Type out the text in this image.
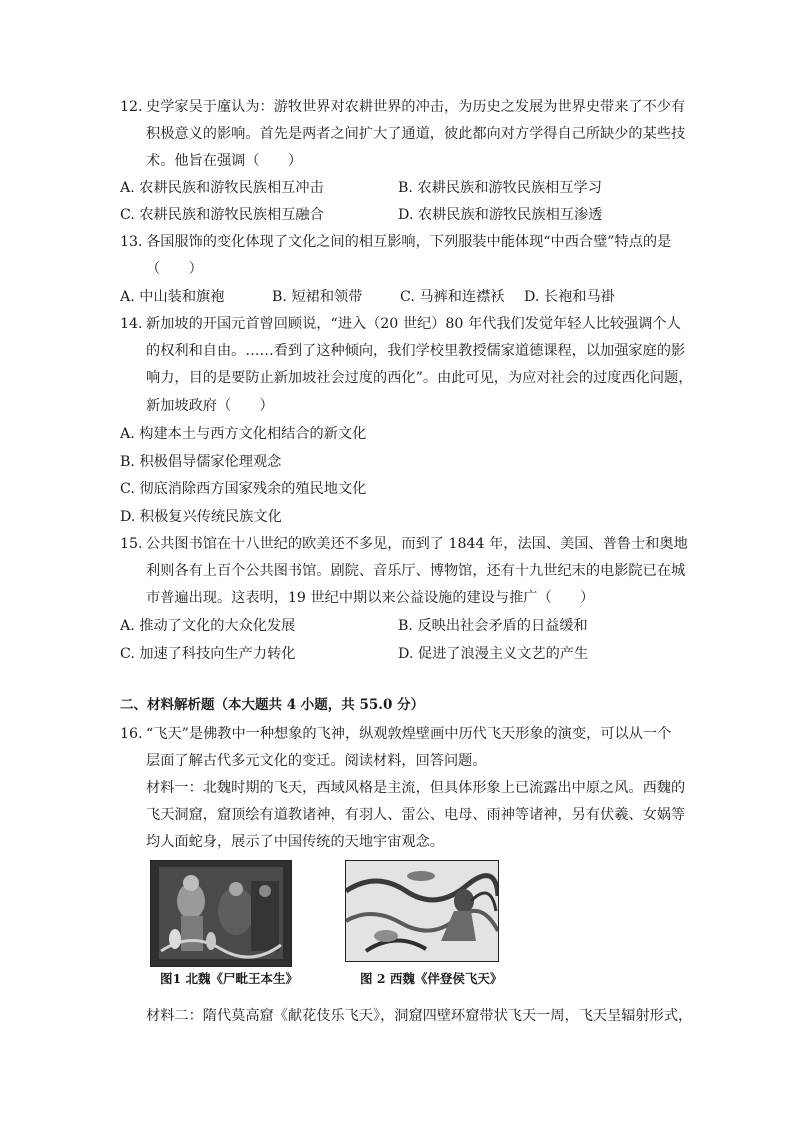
12. 史学家吴于廑认为：游牧世界对农耕世界的冲击，为历史之发展为世界史带来了不少有
积极意义的影响。首先是两者之间扩大了通道，彼此都向对方学得自己所缺少的某些技
术。他旨在强调（　　）
A. 农耕民族和游牧民族相互冲击	B. 农耕民族和游牧民族相互学习
C. 农耕民族和游牧民族相互融合	D. 农耕民族和游牧民族相互渗透
13. 各国服饰的变化体现了文化之间的相互影响，下列服装中能体现“中西合璧”特点的是
（　　）
A. 中山装和旗袍	B. 短裙和领带	C. 马裤和连襟袄 D. 长袍和马褂
14. 新加坡的开国元首曾回顾说，“进入（20 世纪）80 年代我们发觉年轻人比较强调个人
的权利和自由。……看到了这种倾向，我们学校里教授儒家道德课程，以加强家庭的影
响力，目的是要防止新加坡社会过度的西化”。由此可见，为应对社会的过度西化问题，
新加坡政府（　　）
A. 构建本土与西方文化相结合的新文化
B. 积极倡导儒家伦理观念
C. 彻底消除西方国家残余的殖民地文化
D. 积极复兴传统民族文化
15. 公共图书馆在十八世纪的欧美还不多见，而到了 1844 年，法国、美国、普鲁士和奥地
利则各有上百个公共图书馆。剧院、音乐厅、博物馆，还有十九世纪末的电影院已在城
市普遍出现。这表明，19 世纪中期以来公益设施的建设与推广（　　）
A. 推动了文化的大众化发展	B. 反映出社会矛盾的日益缓和
C. 加速了科技向生产力转化	D. 促进了浪漫主义文艺的产生
二、材料解析题（本大题共 4 小题，共 55.0 分）
16. “飞天”是佛教中一种想象的飞神，纵观敦煌壁画中历代飞天形象的演变，可以从一个
层面了解古代多元文化的变迁。阅读材料，回答问题。
材料一：北魏时期的飞天，西域风格是主流，但具体形象上已流露出中原之风。西魏的
飞天洞窟，窟顶绘有道教诸神，有羽人、雷公、电母、雨神等诸神，另有伏羲、女娲等
均人面蛇身，展示了中国传统的天地宇宙观念。
图1 北魏《尸毗王本生》	图 2 西魏《伴登侯飞天》
材料二：隋代莫高窟《献花伎乐飞天》，洞窟四壁环窟带状飞天一周，飞天呈辐射形式，
